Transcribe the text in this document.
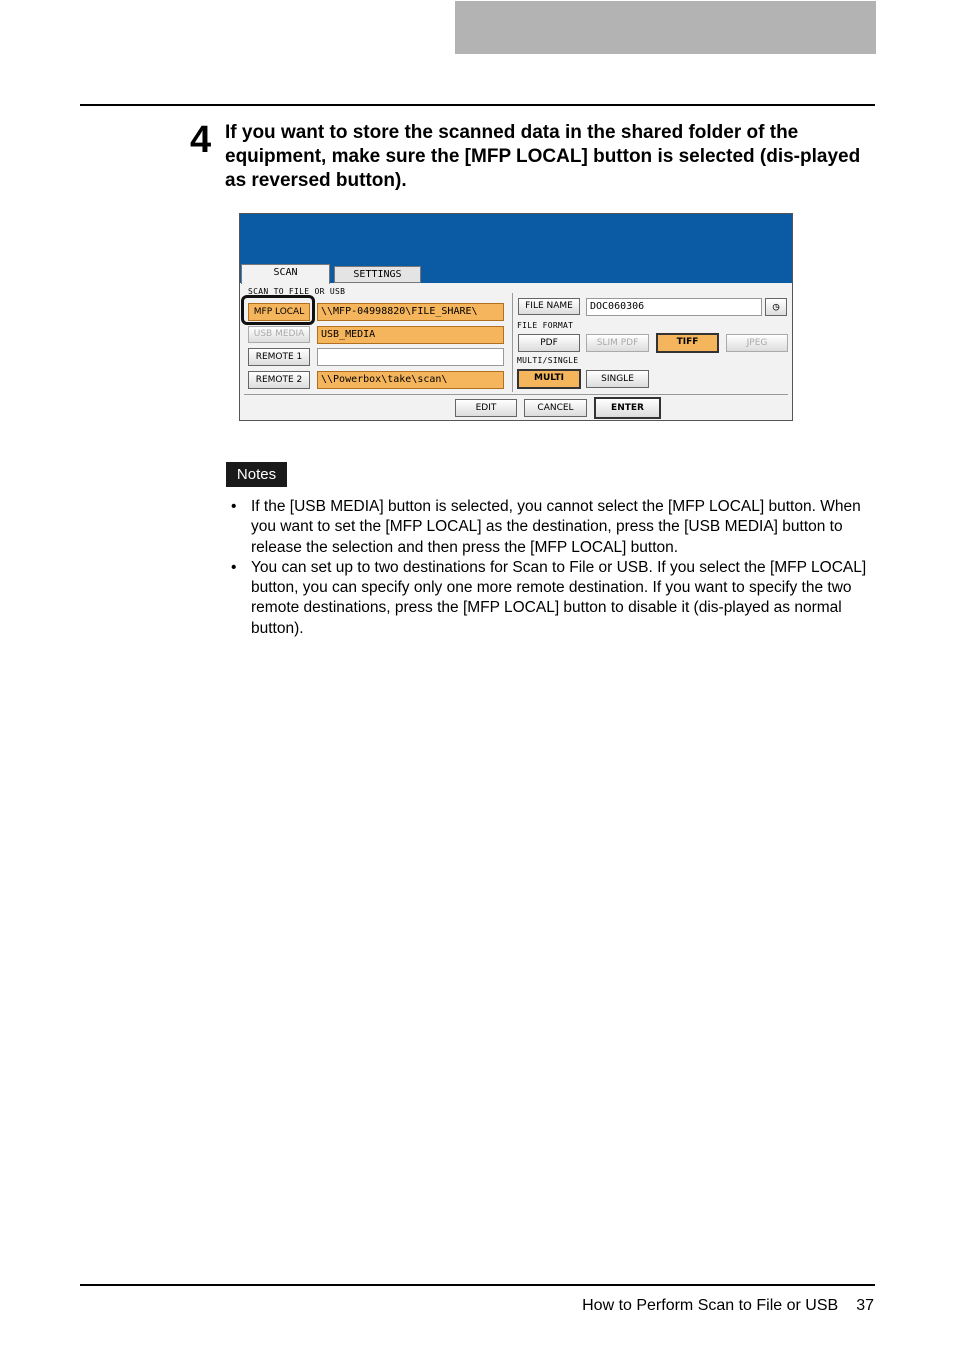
4 If you want to store the scanned data in the shared folder of the equipment, make sure the [MFP LOCAL] button is selected (dis-played as reversed button).
SCAN	SETTINGS
SCAN TO FILE OR USB
MFP LOCAL	\\MFP-04998820\FILE_SHARE\
USB MEDIA	USB_MEDIA
REMOTE 1
REMOTE 2	\\Powerbox\take\scan\
FILE NAME	DOC060306	◷
FILE FORMAT
PDF	SLIM PDF	TIFF	JPEG
MULTI/SINGLE
MULTI	SINGLE
EDIT	CANCEL	ENTER
Notes
• If the [USB MEDIA] button is selected, you cannot select the [MFP LOCAL] button. When you want to set the [MFP LOCAL] as the destination, press the [USB MEDIA] button to release the selection and then press the [MFP LOCAL] button.
• You can set up to two destinations for Scan to File or USB. If you select the [MFP LOCAL] button, you can specify only one more remote destination. If you want to specify the two remote destinations, press the [MFP LOCAL] button to disable it (dis-played as normal button).
How to Perform Scan to File or USB 37
